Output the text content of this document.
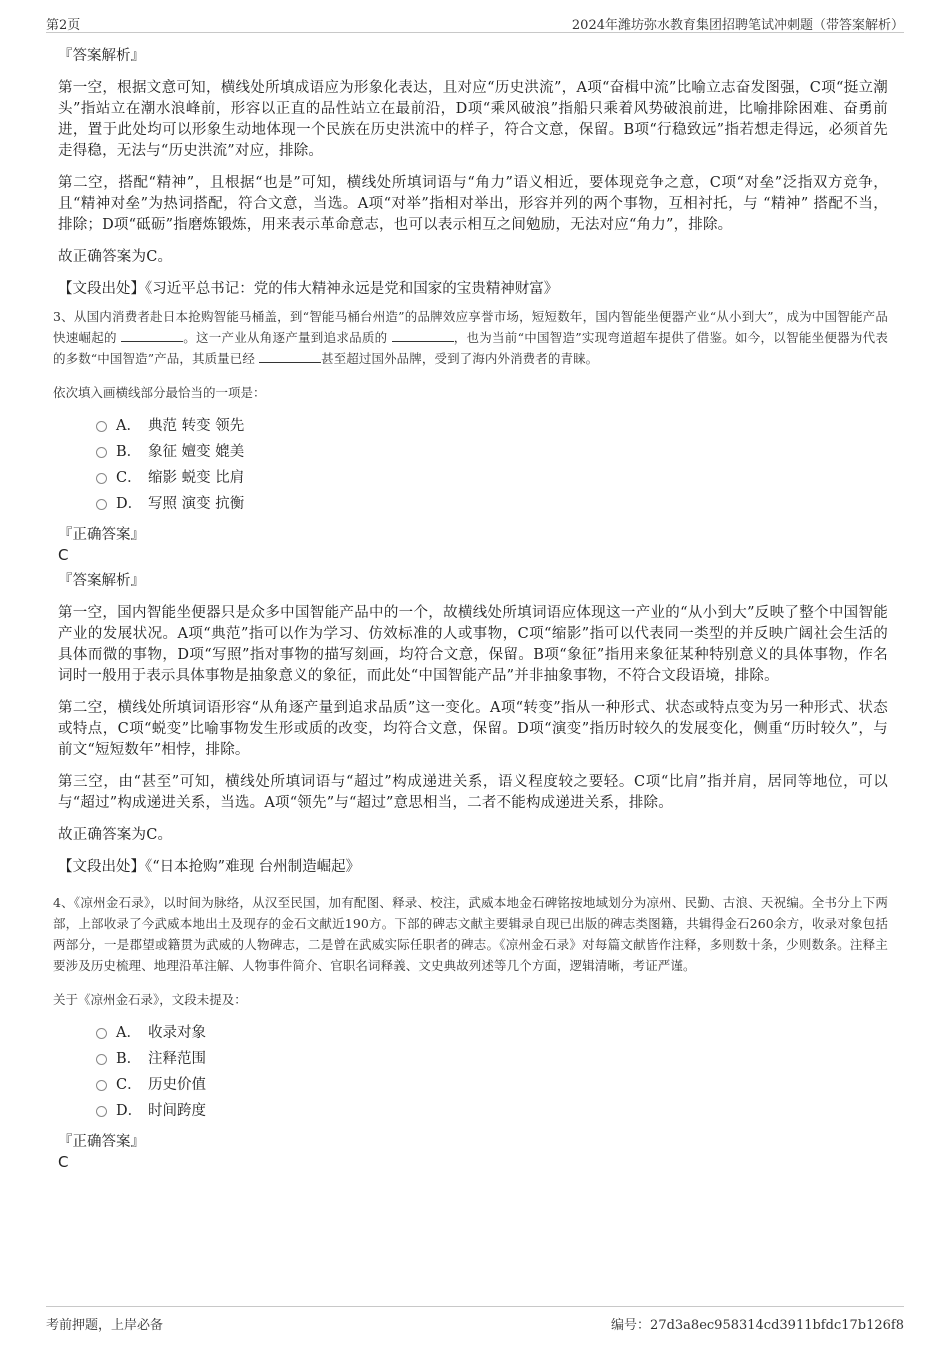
第2页	2024年潍坊弥水教育集团招聘笔试冲刺题（带答案解析）
『答案解析』

第一空，根据文意可知，横线处所填成语应为形象化表达，且对应“历史洪流”，A项“奋楫中流”比喻立志奋发图强，C项“挺立潮头”指站立在潮水浪峰前，形容以正直的品性站立在最前沿，D项“乘风破浪”指船只乘着风势破浪前进，比喻排除困难、奋勇前进，置于此处均可以形象生动地体现一个民族在历史洪流中的样子，符合文意，保留。B项“行稳致远”指若想走得远，必须首先走得稳，无法与“历史洪流”对应，排除。

第二空，搭配“精神”，且根据“也是”可知，横线处所填词语与“角力”语义相近，要体现竞争之意，C项“对垒”泛指双方竞争，且“精神对垒”为热词搭配，符合文意，当选。A项“对举”指相对举出，形容并列的两个事物，互相衬托，与 “精神” 搭配不当，排除；D项“砥砺”指磨炼锻炼，用来表示革命意志，也可以表示相互之间勉励，无法对应“角力”，排除。

故正确答案为C。

【文段出处】《习近平总书记：党的伟大精神永远是党和国家的宝贵精神财富》
3、从国内消费者赴日本抢购智能马桶盖，到“智能马桶台州造”的品牌效应享誉市场，短短数年，国内智能坐便器产业“从小到大”，成为中国智能产品快速崛起的	。这一产业从角逐产量到追求品质的	，也为当前“中国智造”实现弯道超车提供了借鉴。如今，以智能坐便器为代表的多数“中国智造”产品，其质量已经	甚至超过国外品牌，受到了海内外消费者的青睐。
依次填入画横线部分最恰当的一项是：
A． 典范 转变 领先
B． 象征 嬗变 媲美
C． 缩影 蜕变 比肩
D． 写照 演变 抗衡
『正确答案』
C
『答案解析』

第一空，国内智能坐便器只是众多中国智能产品中的一个，故横线处所填词语应体现这一产业的“从小到大”反映了整个中国智能产业的发展状况。A项“典范”指可以作为学习、仿效标准的人或事物，C项“缩影”指可以代表同一类型的并反映广阔社会生活的具体而微的事物，D项“写照”指对事物的描写刻画，均符合文意，保留。B项“象征”指用来象征某种特别意义的具体事物，作名词时一般用于表示具体事物是抽象意义的象征，而此处“中国智能产品”并非抽象事物，不符合文段语境，排除。

第二空，横线处所填词语形容“从角逐产量到追求品质”这一变化。A项“转变”指从一种形式、状态或特点变为另一种形式、状态或特点，C项“蜕变”比喻事物发生形或质的改变，均符合文意，保留。D项“演变”指历时较久的发展变化，侧重“历时较久”，与前文“短短数年”相悖，排除。

第三空，由“甚至”可知，横线处所填词语与“超过”构成递进关系，语义程度较之要轻。C项“比肩”指并肩，居同等地位，可以与“超过”构成递进关系，当选。A项“领先”与“超过”意思相当，二者不能构成递进关系，排除。

故正确答案为C。

【文段出处】《“日本抢购”难现 台州制造崛起》
4、《凉州金石录》，以时间为脉络，从汉至民国，加有配图、释录、校注，武威本地金石碑铭按地域划分为凉州、民勤、古浪、天祝编。全书分上下两部，上部收录了今武威本地出土及现存的金石文献近190方。下部的碑志文献主要辑录自现已出版的碑志类图籍，共辑得金石260余方，收录对象包括两部分，一是郡望或籍贯为武威的人物碑志，二是曾在武威实际任职者的碑志。《凉州金石录》对每篇文献皆作注释，多则数十条，少则数条。注释主要涉及历史梳理、地理沿革注解、人物事件简介、官职名词释義、文史典故列述等几个方面，逻辑清晰，考证严谨。
关于《凉州金石录》，文段未提及：
A． 收录对象
B． 注释范围
C． 历史价值
D． 时间跨度
『正确答案』
C
考前押题，上岸必备	编号：27d3a8ec958314cd3911bfdc17b126f8
